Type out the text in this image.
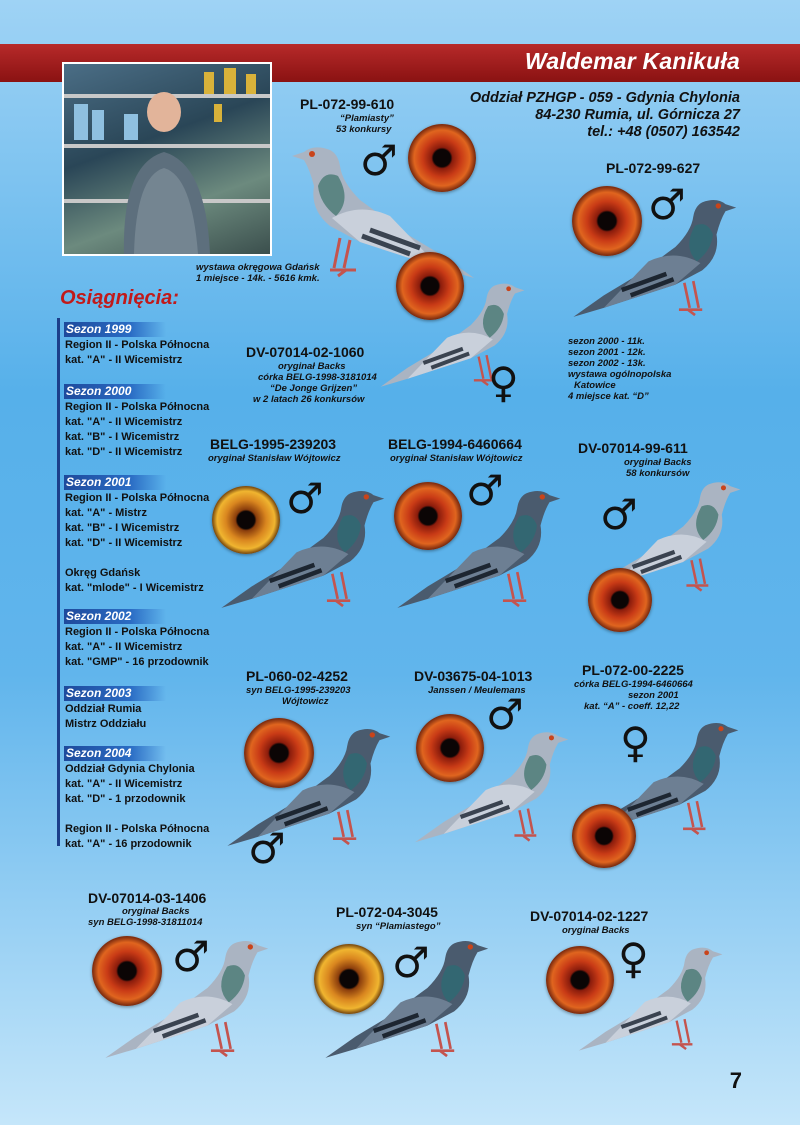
Waldemar Kanikuła
Oddział PZHGP - 059 - Gdynia Chylonia
84-230 Rumia, ul. Górnicza 27
tel.: +48 (0507) 163542
Osiągnięcia:
Sezon 1999
Region II - Polska Północna
kat. "A" - II Wicemistrz
Sezon 2000
Region II - Polska Północna
kat. "A" - II Wicemistrz
kat. "B" - I Wicemistrz
kat. "D" - II Wicemistrz
Sezon 2001
Region II - Polska Północna
kat. "A" - Mistrz
kat. "B" - I Wicemistrz
kat. "D" - II Wicemistrz
Okręg Gdańsk
kat. "mlode" - I Wicemistrz
Sezon 2002
Region II - Polska Północna
kat. "A" - II Wicemistrz
kat. "GMP" - 16 przodownik
Sezon 2003
Oddział Rumia
Mistrz Oddziału
Sezon 2004
Oddział Gdynia Chylonia
kat. "A" - II Wicemistrz
kat. "D" - 1 przodownik
Region II - Polska Północna
kat. "A" - 16 przodownik
PL-072-99-610
“Plamiasty”
53 konkursy
♂
wystawa okręgowa Gdańsk
1 miejsce - 14k. - 5616 kmk.
PL-072-99-627
♂
sezon 2000 - 11k.
sezon 2001 - 12k.
sezon 2002 - 13k.
wystawa ogólnopolska
Katowice
4 miejsce kat. “D”
♀
DV-07014-02-1060
oryginał Backs
córka BELG-1998-3181014
“De Jonge Grijzen”
w 2 latach 26 konkursów
BELG-1995-239203
oryginał Stanisław Wójtowicz
♂
BELG-1994-6460664
oryginał Stanisław Wójtowicz
♂
DV-07014-99-611
oryginał Backs
58 konkursów
♂
PL-060-02-4252
syn BELG-1995-239203
Wójtowicz
♂
DV-03675-04-1013
Janssen / Meulemans
♂
PL-072-00-2225
córka BELG-1994-6460664
sezon 2001
kat. “A” - coeff. 12,22
♀
DV-07014-03-1406
oryginał Backs
syn BELG-1998-31811014
♂
PL-072-04-3045
syn “Plamiastego”
♂
DV-07014-02-1227
oryginał Backs
♀
7
